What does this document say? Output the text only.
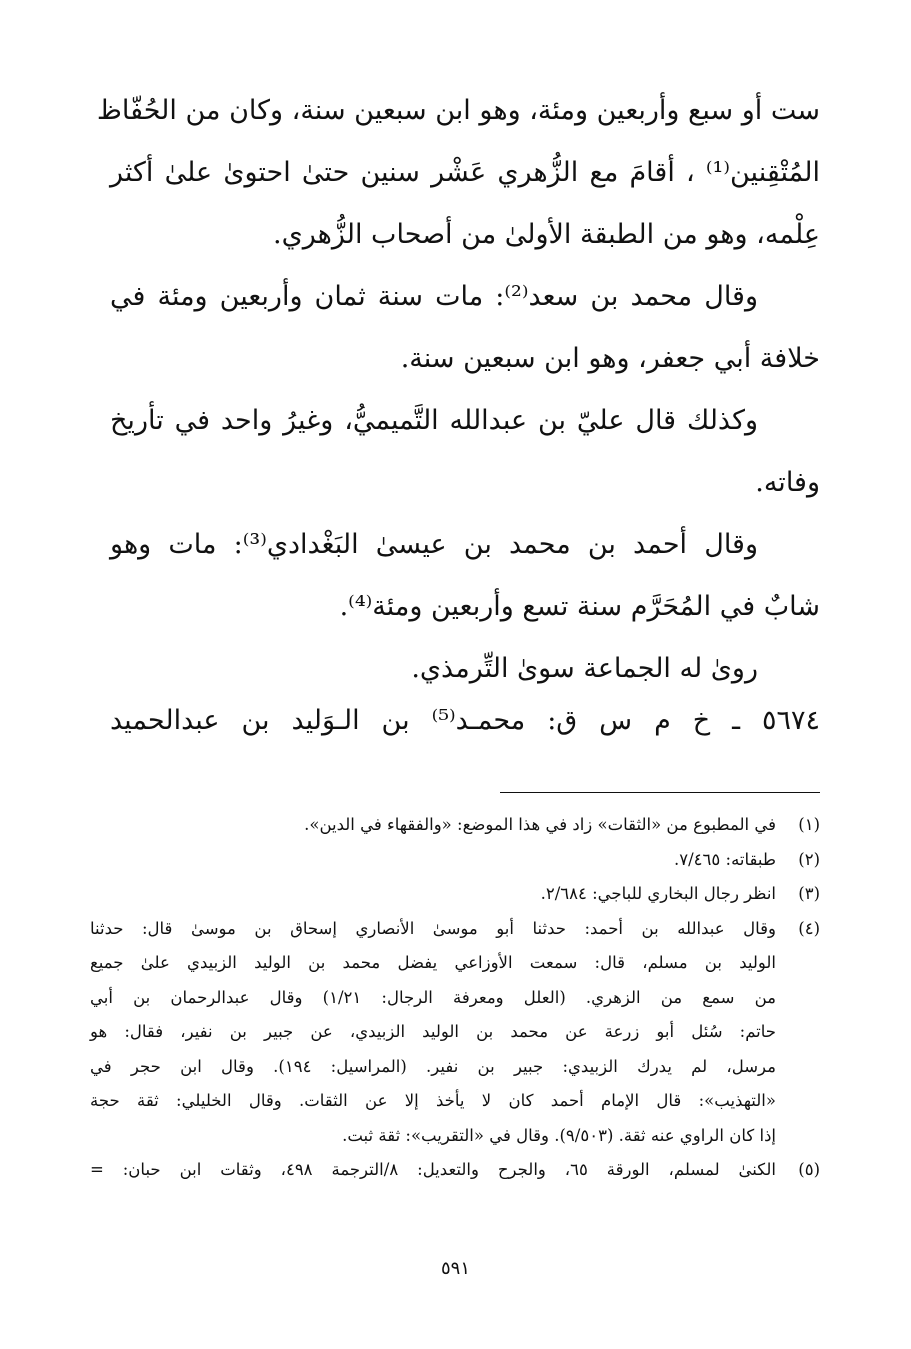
ست أو سبع وأربعين ومئة، وهو ابن سبعين سنة، وكان من الحُفّاظ
المُتْقِنين⁽¹⁾ ، أقامَ مع الزُّهري عَشْر سنين حتىٰ احتوىٰ علىٰ أكثر
عِلْمه، وهو من الطبقة الأولىٰ من أصحاب الزُّهري.
وقال محمد بن سعد⁽²⁾: مات سنة ثمان وأربعين ومئة في
خلافة أبي جعفر، وهو ابن سبعين سنة.
وكذلك قال عليّ بن عبدالله التَّميميُّ، وغيرُ واحد في تأريخ
وفاته.
وقال أحمد بن محمد بن عيسىٰ البَغْدادي⁽³⁾: مات وهو
شابٌ في المُحَرَّم سنة تسع وأربعين ومئة⁽⁴⁾.
روىٰ له الجماعة سوىٰ التِّرمذي.
٥٦٧٤ ـ خ م س ق: محمـد⁽⁵⁾ بن الـوَليد بن عبدالحميد
(١)
في المطبوع من «الثقات» زاد في هذا الموضع: «والفقهاء في الدين».
(٢)
طبقاته: ٧/٤٦٥.
(٣)
انظر رجال البخاري للباجي: ٢/٦٨٤.
(٤)
وقال عبدالله بن أحمد: حدثنا أبو موسىٰ الأنصاري إسحاق بن موسىٰ قال: حدثنا
الوليد بن مسلم، قال: سمعت الأوزاعي يفضل محمد بن الوليد الزبيدي علىٰ جميع
من سمع من الزهري. (العلل ومعرفة الرجال: ١/٢١) وقال عبدالرحمان بن أبي
حاتم: سُئل أبو زرعة عن محمد بن الوليد الزبيدي، عن جبير بن نفير، فقال: هو
مرسل، لم يدرك الزبيدي: جبير بن نفير. (المراسيل: ١٩٤). وقال ابن حجر في
«التهذيب»: قال الإمام أحمد كان لا يأخذ إلا عن الثقات. وقال الخليلي: ثقة حجة
إذا كان الراوي عنه ثقة. (٩/٥٠٣). وقال في «التقريب»: ثقة ثبت.
(٥)
الكنىٰ لمسلم، الورقة ٦٥، والجرح والتعديل: ٨/الترجمة ٤٩٨، وثقات ابن حبان: =
٥٩١
